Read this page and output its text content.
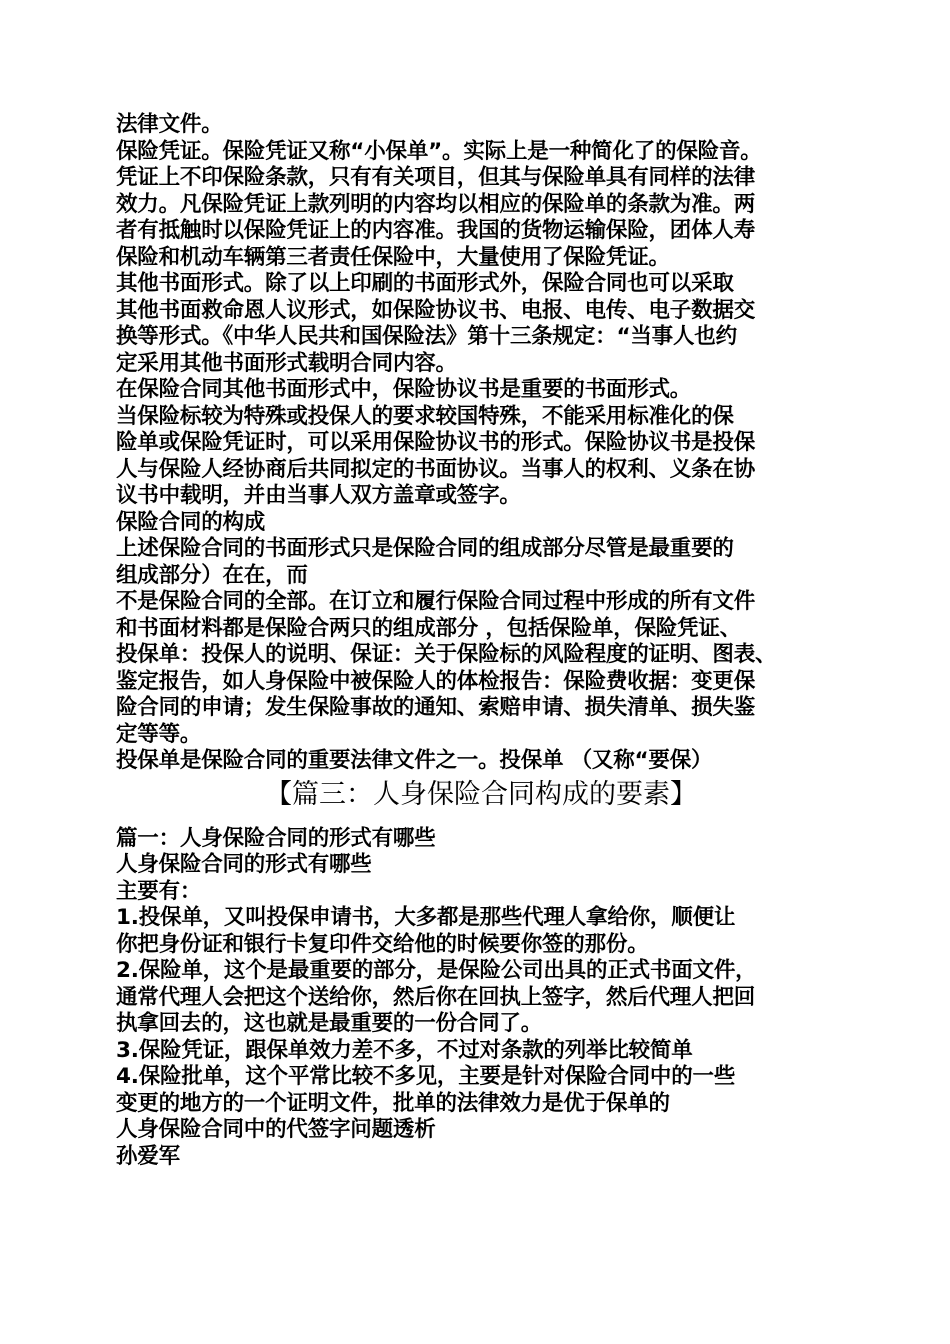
法律文件。
保险凭证。保险凭证又称“小保单”。实际上是一种简化了的保险音。
凭证上不印保险条款，只有有关项目，但其与保险单具有同样的法律
效力。凡保险凭证上款列明的内容均以相应的保险单的条款为准。两
者有抵触时以保险凭证上的内容准。我国的货物运输保险，团体人寿
保险和机动车辆第三者责任保险中，大量使用了保险凭证。
其他书面形式。除了以上印刷的书面形式外，保险合同也可以采取
其他书面救命恩人议形式，如保险协议书、电报、电传、电子数据交
换等形式。《中华人民共和国保险法》第十三条规定：“当事人也约
定采用其他书面形式载明合同内容。
在保险合同其他书面形式中，保险协议书是重要的书面形式。
当保险标较为特殊或投保人的要求较国特殊，不能采用标准化的保
险单或保险凭证时，可以采用保险协议书的形式。保险协议书是投保
人与保险人经协商后共同拟定的书面协议。当事人的权利、义条在协
议书中载明，并由当事人双方盖章或签字。
保险合同的构成
上述保险合同的书面形式只是保险合同的组成部分尽管是最重要的
组成部分）在在，而
不是保险合同的全部。在订立和履行保险合同过程中形成的所有文件
和书面材料都是保险合两只的组成部分 ，包括保险单，保险凭证、
投保单：投保人的说明、保证：关于保险标的风险程度的证明、图表、
鉴定报告，如人身保险中被保险人的体检报告：保险费收据：变更保
险合同的申请；发生保险事故的通知、索赔申请、损失清单、损失鉴
定等等。
投保单是保险合同的重要法律文件之一。投保单 （又称“要保）
【篇三：人身保险合同构成的要素】
篇一：人身保险合同的形式有哪些
人身保险合同的形式有哪些
主要有：
1.投保单，又叫投保申请书，大多都是那些代理人拿给你，顺便让
你把身份证和银行卡复印件交给他的时候要你签的那份。
2.保险单，这个是最重要的部分，是保险公司出具的正式书面文件，
通常代理人会把这个送给你，然后你在回执上签字，然后代理人把回
执拿回去的，这也就是最重要的一份合同了。
3.保险凭证，跟保单效力差不多，不过对条款的列举比较简单
4.保险批单，这个平常比较不多见，主要是针对保险合同中的一些
变更的地方的一个证明文件，批单的法律效力是优于保单的
人身保险合同中的代签字问题透析
孙爱军
